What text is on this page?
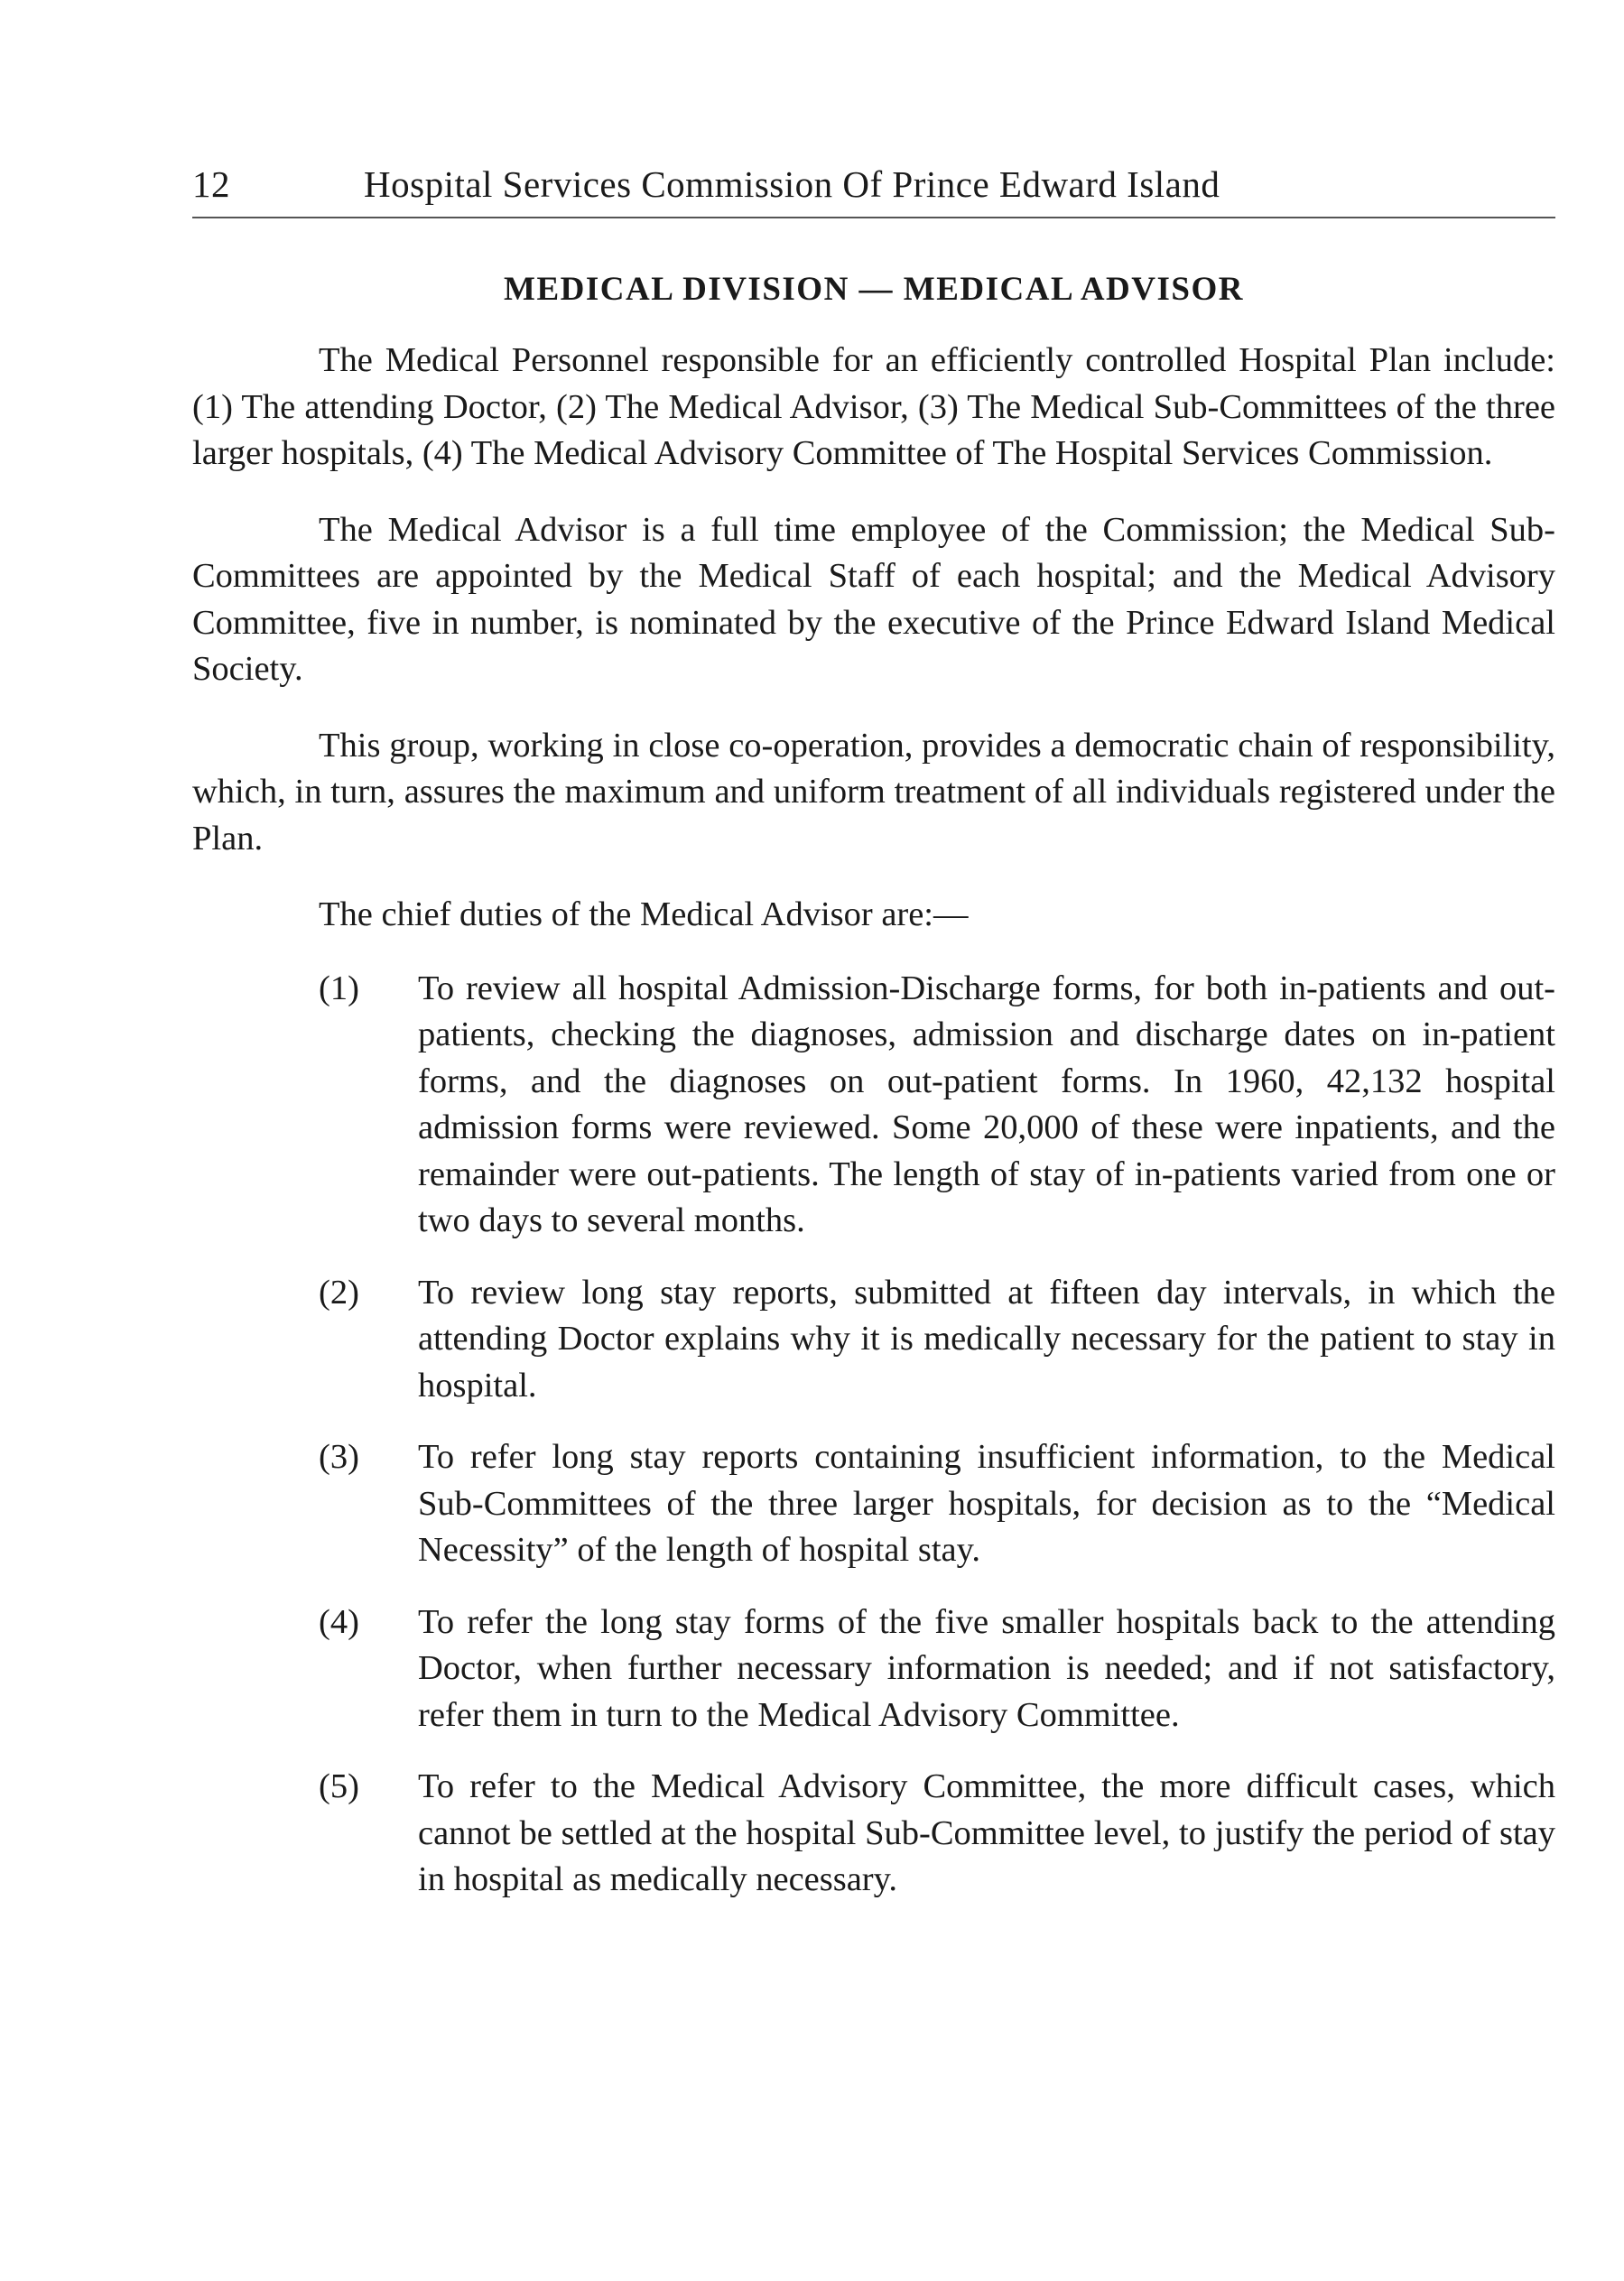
12	Hospital Services Commission Of Prince Edward Island
MEDICAL DIVISION — MEDICAL ADVISOR

The Medical Personnel responsible for an efficiently controlled Hospital Plan include: (1) The attending Doctor, (2) The Medical Advisor, (3) The Medical Sub-Committees of the three larger hospitals, (4) The Medical Advisory Committee of The Hospital Services Commission.

The Medical Advisor is a full time employee of the Commission; the Medical Sub-Committees are appointed by the Medical Staff of each hospital; and the Medical Advisory Committee, five in number, is nominated by the executive of the Prince Edward Island Medical Society.

This group, working in close co-operation, provides a democratic chain of responsibility, which, in turn, assures the maximum and uniform treatment of all individuals registered under the Plan.

The chief duties of the Medical Advisor are:—

(1)	To review all hospital Admission-Discharge forms, for both in-patients and out-patients, checking the diagnoses, admission and discharge dates on in-patient forms, and the diagnoses on out-patient forms. In 1960, 42,132 hospital admission forms were reviewed. Some 20,000 of these were inpatients, and the remainder were out-patients. The length of stay of in-patients varied from one or two days to several months.
(2)	To review long stay reports, submitted at fifteen day intervals, in which the attending Doctor explains why it is medically necessary for the patient to stay in hospital.
(3)	To refer long stay reports containing insufficient information, to the Medical Sub-Committees of the three larger hospitals, for decision as to the “Medical Necessity” of the length of hospital stay.
(4)	To refer the long stay forms of the five smaller hospitals back to the attending Doctor, when further necessary information is needed; and if not satisfactory, refer them in turn to the Medical Advisory Committee.
(5)	To refer to the Medical Advisory Committee, the more difficult cases, which cannot be settled at the hospital Sub-Committee level, to justify the period of stay in hospital as medically necessary.
